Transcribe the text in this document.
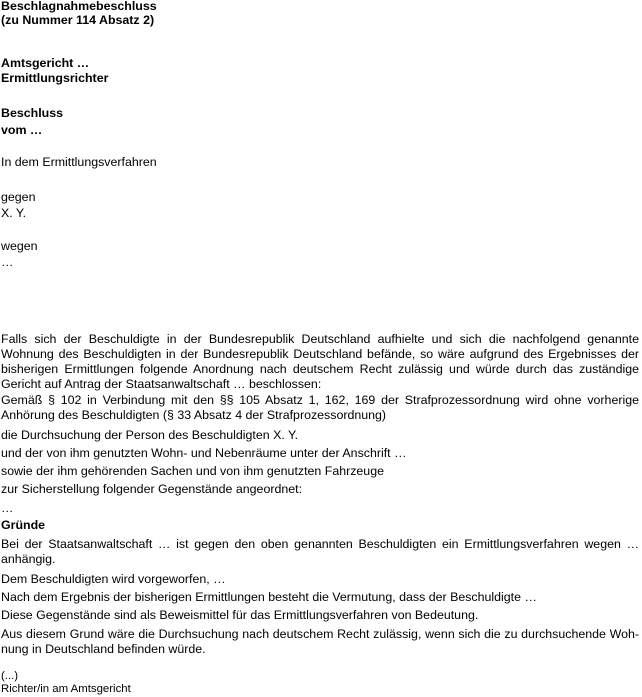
Beschlagnahmebeschluss
(zu Nummer 114 Absatz 2)
Amtsgericht …
Ermittlungsrichter
Beschluss
vom …
In dem Ermittlungsverfahren
gegen
X. Y.
wegen
…
Falls sich der Beschuldigte in der Bundesrepublik Deutschland aufhielte und sich die nachfolgend genannte Wohnung des Beschuldigten in der Bundesrepublik Deutschland befände, so wäre aufgrund des Ergebnisses der bisherigen Ermittlungen folgende Anordnung nach deutschem Recht zulässig und würde durch das zuständige Gericht auf Antrag der Staatsanwaltschaft … beschlossen:
Gemäß § 102 in Verbindung mit den §§ 105 Absatz 1, 162, 169 der Strafprozessordnung wird ohne vorherige Anhörung des Beschuldigten (§ 33 Absatz 4 der Strafprozessordnung)
die Durchsuchung der Person des Beschuldigten X. Y.
und der von ihm genutzten Wohn- und Nebenräume unter der Anschrift …
sowie der ihm gehörenden Sachen und von ihm genutzten Fahrzeuge
zur Sicherstellung folgender Gegenstände angeordnet:
…
Gründe
Bei der Staatsanwaltschaft … ist gegen den oben genannten Beschuldigten ein Ermittlungsverfahren wegen … anhängig.
Dem Beschuldigten wird vorgeworfen, …
Nach dem Ergebnis der bisherigen Ermittlungen besteht die Vermutung, dass der Beschuldigte …
Diese Gegenstände sind als Beweismittel für das Ermittlungsverfahren von Bedeutung.
Aus diesem Grund wäre die Durchsuchung nach deutschem Recht zulässig, wenn sich die zu durchsuchende Wohnung in Deutschland befinden würde.
(...)
Richter/in am Amtsgericht
